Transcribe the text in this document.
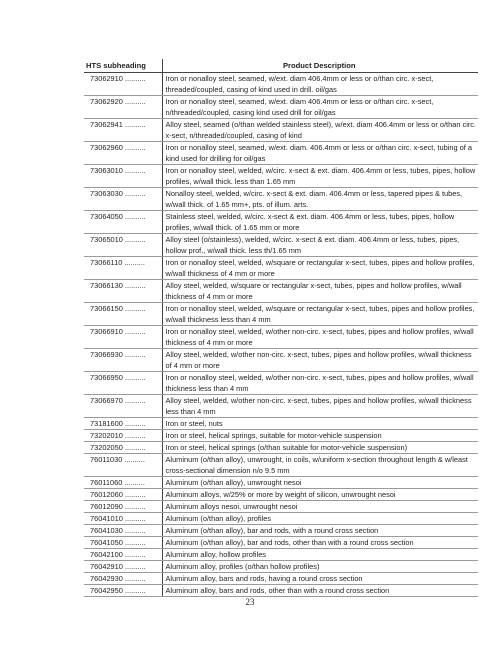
HTS subheading	Product Description
73062910 ..........	Iron or nonalloy steel, seamed, w/ext. diam 406.4mm or less or o/than circ. x-sect, threaded/coupled, casing of kind used in drill. oil/gas
73062920 ..........	Iron or nonalloy steel, seamed, w/ext. diam 406.4mm or less or o/than circ. x-sect, n/threaded/coupled, casing kind used drill for oil/gas
73062941 ..........	Alloy steel, seamed (o/than welded stainless steel), w/ext. diam 406.4mm or less or o/than circ. x-sect, n/threaded/coupled, casing of kind
73062960 ..........	Iron or nonalloy steel, seamed, w/ext. diam. 406.4mm or less or o/than circ. x-sect, tubing of a kind used for drilling for oil/gas
73063010 ..........	Iron or nonalloy steel, welded, w/circ. x-sect & ext. diam. 406.4mm or less, tubes, pipes, hollow profiles, w/wall thick. less than 1.65 mm
73063030 ..........	Nonalloy steel, welded, w/circ. x-sect & ext. diam. 406.4mm or less, tapered pipes & tubes, w/wall thick. of 1.65 mm+, pts. of illum. arts.
73064050 ..........	Stainless steel, welded, w/circ. x-sect & ext. diam. 406.4mm or less, tubes, pipes, hollow profiles, w/wall thick. of 1.65 mm or more
73065010 ..........	Alloy steel (o/stainless), welded, w/circ. x-sect & ext. diam. 406.4mm or less, tubes, pipes, hollow prof., w/wall thick. less th/1.65 mm
73066110 ..........	Iron or nonalloy steel, welded, w/square or rectangular x-sect, tubes, pipes and hollow profiles, w/wall thickness of 4 mm or more
73066130 ..........	Alloy steel, welded, w/square or rectangular x-sect, tubes, pipes and hollow profiles, w/wall thickness of 4 mm or more
73066150 ..........	Iron or nonalloy steel, welded, w/square or rectangular x-sect, tubes, pipes and hollow profiles, w/wall thickness less than 4 mm
73066910 ..........	Iron or nonalloy steel, welded, w/other non-circ. x-sect, tubes, pipes and hollow profiles, w/wall thickness of 4 mm or more
73066930 ..........	Alloy steel, welded, w/other non-circ. x-sect, tubes, pipes and hollow profiles, w/wall thickness of 4 mm or more
73066950 ..........	Iron or nonalloy steel, welded, w/other non-circ. x-sect, tubes, pipes and hollow profiles, w/wall thickness less than 4 mm
73066970 ..........	Alloy steel, welded, w/other non-circ. x-sect, tubes, pipes and hollow profiles, w/wall thickness less than 4 mm
73181600 ..........	Iron or steel, nuts
73202010 ..........	Iron or steel, helical springs, suitable for motor-vehicle suspension
73202050 ..........	Iron or steel, helical springs (o/than suitable for motor-vehicle suspension)
76011030 ..........	Aluminum (o/than alloy), unwrought, in coils, w/uniform x-section throughout length & w/least cross-sectional dimension n/o 9.5 mm
76011060 ..........	Aluminum (o/than alloy), unwrought nesoi
76012060 ..........	Aluminum alloys, w/25% or more by weight of silicon, unwrought nesoi
76012090 ..........	Aluminum alloys nesoi, unwrought nesoi
76041010 ..........	Aluminum (o/than alloy), profiles
76041030 ..........	Aluminum (o/than alloy), bar and rods, with a round cross section
76041050 ..........	Aluminum (o/than alloy), bar and rods, other than with a round cross section
76042100 ..........	Aluminum alloy, hollow profiles
76042910 ..........	Aluminum alloy, profiles (o/than hollow profiles)
76042930 ..........	Aluminum alloy, bars and rods, having a round cross section
76042950 ..........	Aluminum alloy, bars and rods, other than with a round cross section
23
